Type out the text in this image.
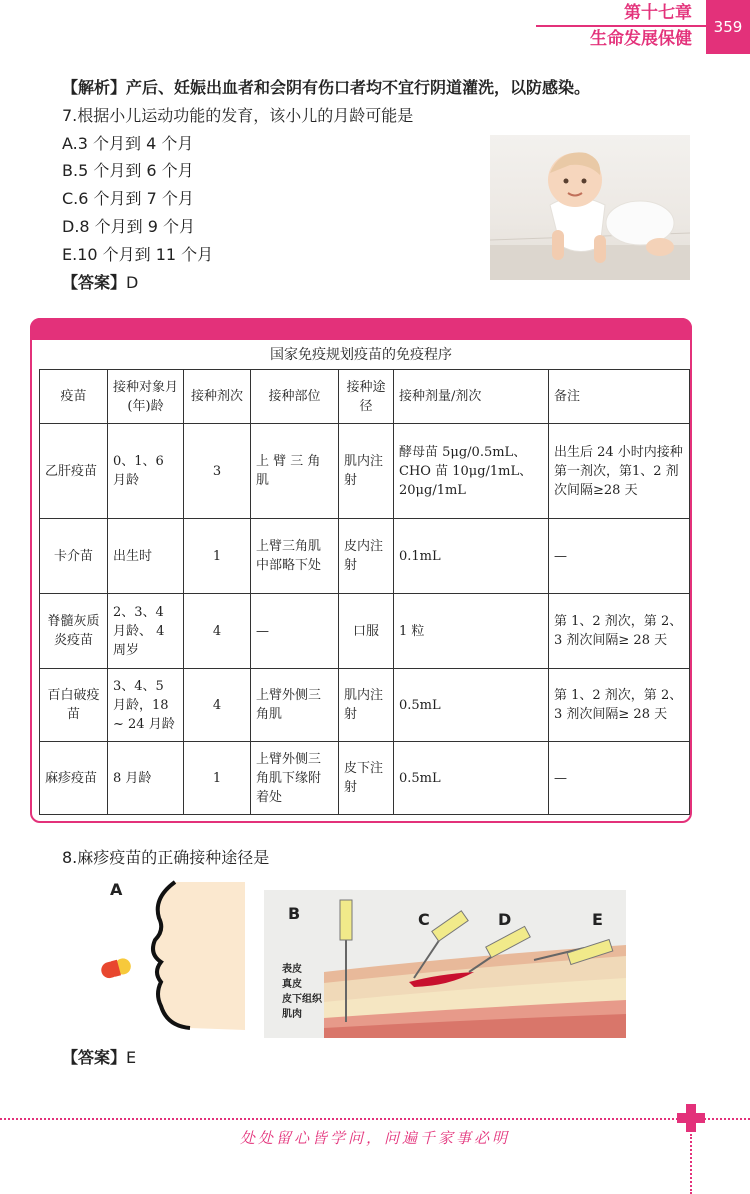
第十七章
生命发展保健
359
【解析】产后、妊娠出血者和会阴有伤口者均不宜行阴道灌洗，以防感染。
7.根据小儿运动功能的发育，该小儿的月龄可能是
A.3 个月到 4 个月
B.5 个月到 6 个月
C.6 个月到 7 个月
D.8 个月到 9 个月
E.10 个月到 11 个月
【答案】D
国家免疫规划疫苗的免疫程序
疫苗	接种对象月(年)龄	接种剂次	接种部位	接种途径	接种剂量/剂次	备注
乙肝疫苗	0、1、6 月龄	3	上 臂 三 角肌	肌内注射	酵母苗 5μg/0.5mL、CHO 苗 10μg/1mL、20μg/1mL	出生后 24 小时内接种第一剂次，第1、2 剂次间隔≥28 天
卡介苗	出生时	1	上臂三角肌中部略下处	皮内注射	0.1mL	—
脊髓灰质炎疫苗	2、3、4 月龄、 4 周岁	4	—	口服	1 粒	第 1、2 剂次，第 2、3 剂次间隔≥ 28 天
百白破疫苗	3、4、5 月龄，18 ~ 24 月龄	4	上臂外侧三角肌	肌内注射	0.5mL	第 1、2 剂次，第 2、3 剂次间隔≥ 28 天
麻疹疫苗	8 月龄	1	上臂外侧三角肌下缘附着处	皮下注射	0.5mL	—
8.麻疹疫苗的正确接种途径是
A
B	C	D	E
表皮
真皮
皮下组织
肌肉
【答案】E
处处留心皆学问，问遍千家事必明
